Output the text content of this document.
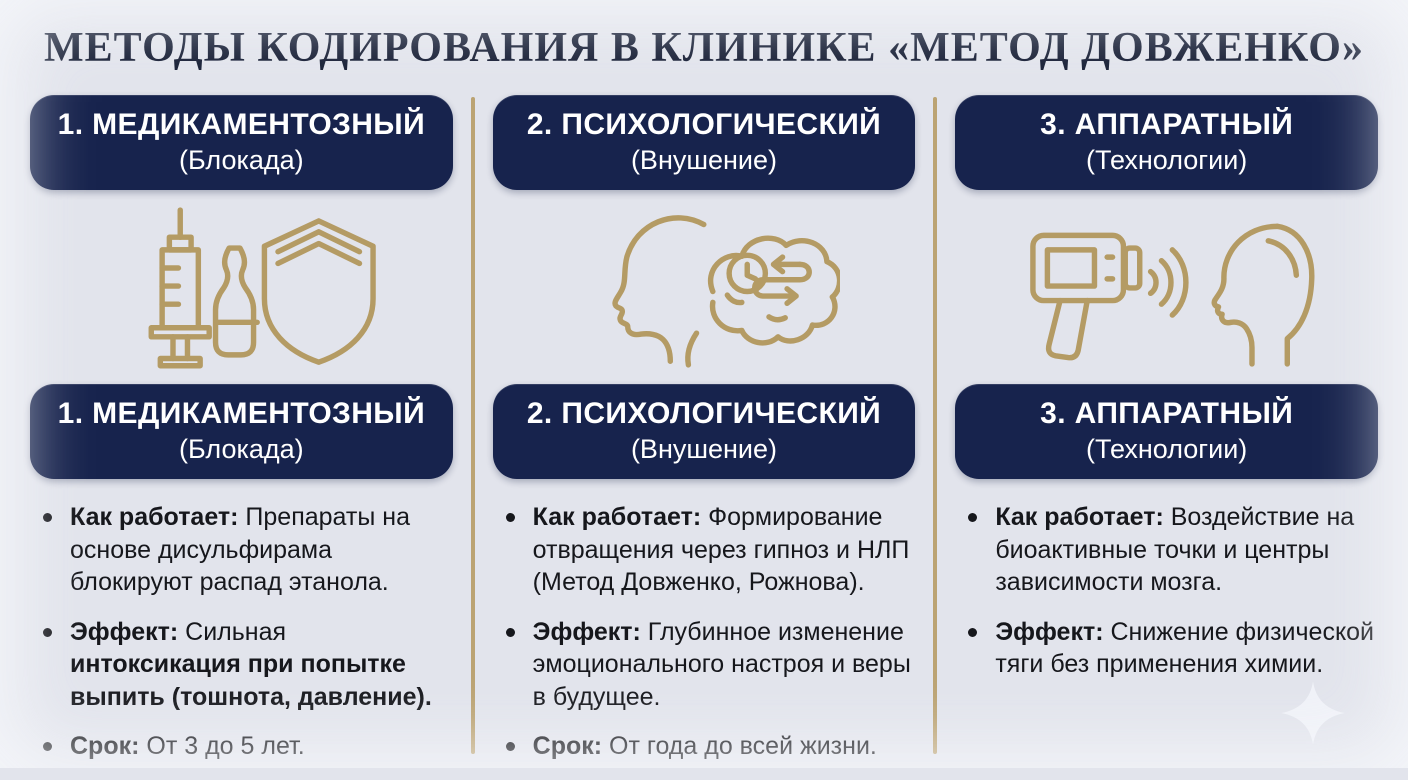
МЕТОДЫ КОДИРОВАНИЯ В КЛИНИКЕ «МЕТОД ДОВЖЕНКО»
1. МЕДИКАМЕНТОЗНЫЙ
(Блокада)
1. МЕДИКАМЕНТОЗНЫЙ
(Блокада)
Как работает: Препараты на основе дисульфирама блокируют распад этанола.
Эффект: Сильная интоксикация при попытке выпить (тошнота, давление).
Срок: От 3 до 5 лет.
2. ПСИХОЛОГИЧЕСКИЙ
(Внушение)
2. ПСИХОЛОГИЧЕСКИЙ
(Внушение)
Как работает: Формирование отвращения через гипноз и НЛП (Метод Довженко, Рожнова).
Эффект: Глубинное изменение эмоционального настроя и веры в будущее.
Срок: От года до всей жизни.
3. АППАРАТНЫЙ
(Технологии)
3. АППАРАТНЫЙ
(Технологии)
Как работает: Воздействие на биоактивные точки и центры зависимости мозга.
Эффект: Снижение физической тяги без применения химии.
